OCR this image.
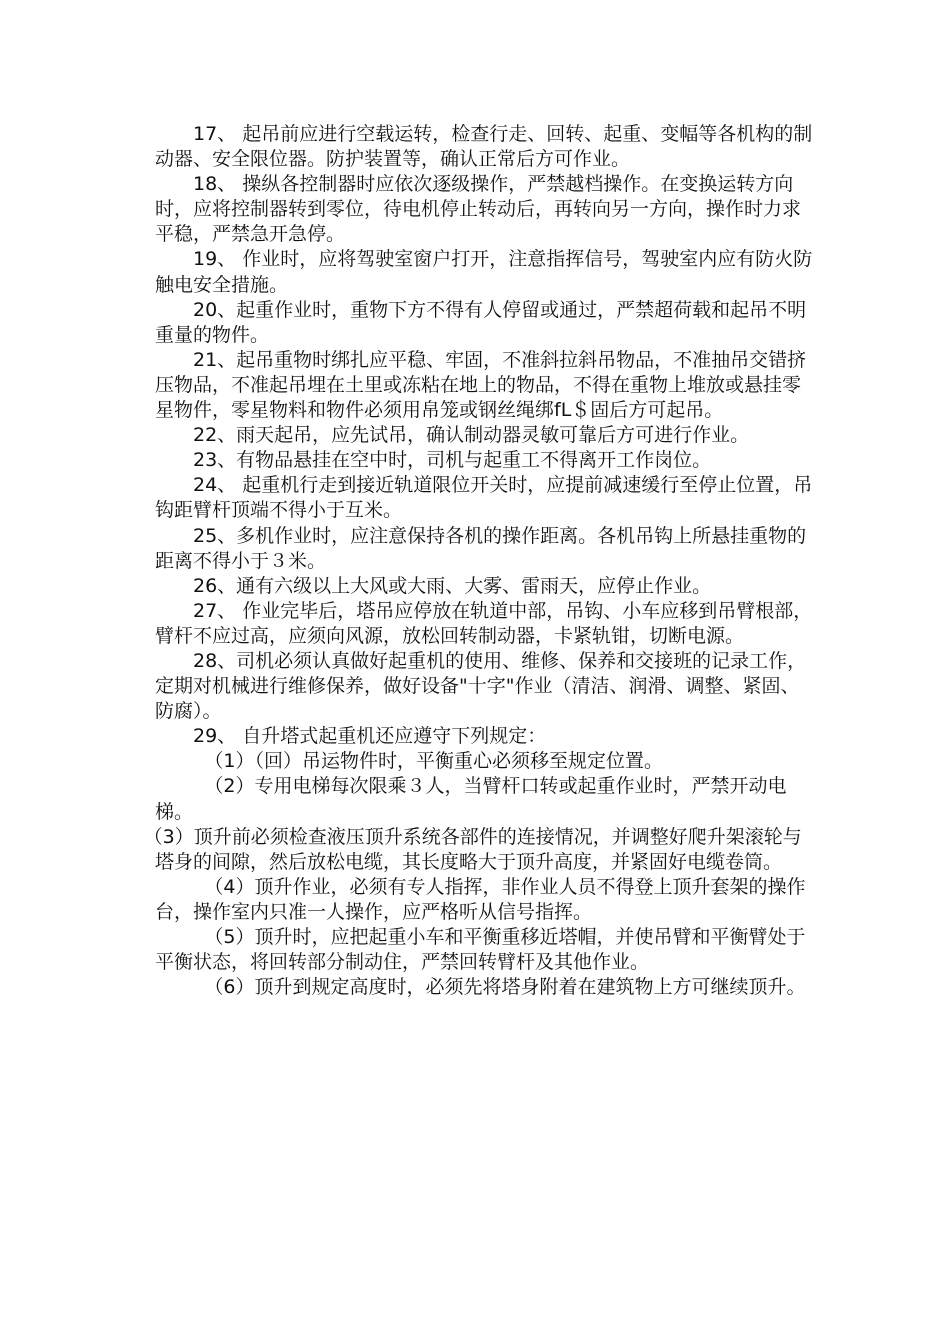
17、 起吊前应进行空载运转，检查行走、回转、起重、变幅等各机构的制动器、安全限位器。防护装置等，确认正常后方可作业。

18、 操纵各控制器时应依次逐级操作，严禁越档操作。在变换运转方向时，应将控制器转到零位，待电机停止转动后，再转向另一方向，操作时力求平稳，严禁急开急停。

19、 作业时，应将驾驶室窗户打开，注意指挥信号，驾驶室内应有防火防触电安全措施。

20、起重作业时，重物下方不得有人停留或通过，严禁超荷载和起吊不明重量的物件。

21、起吊重物时绑扎应平稳、牢固，不准斜拉斜吊物品，不准抽吊交错挤压物品，不准起吊埋在土里或冻粘在地上的物品，不得在重物上堆放或悬挂零星物件，零星物料和物件必须用帛笼或钢丝绳绑fL＄固后方可起吊。

22、雨天起吊，应先试吊，确认制动器灵敏可靠后方可进行作业。

23、有物品悬挂在空中时，司机与起重工不得离开工作岗位。

24、 起重机行走到接近轨道限位开关时，应提前减速缓行至停止位置，吊钩距臂杆顶端不得小于互米。

25、多机作业时，应注意保持各机的操作距离。各机吊钩上所悬挂重物的距离不得小于３米。

26、通有六级以上大风或大雨、大雾、雷雨天，应停止作业。

27、 作业完毕后，塔吊应停放在轨道中部，吊钩、小车应移到吊臂根部，臂杆不应过高，应须向风源，放松回转制动器，卡紧轨钳，切断电源。

28、司机必须认真做好起重机的使用、维修、保养和交接班的记录工作，定期对机械进行维修保养，做好设备"十字"作业（清洁、润滑、调整、紧固、防腐）。

29、 自升塔式起重机还应遵守下列规定：

（1）（回）吊运物件时，平衡重心必须移至规定位置。

（2）专用电梯每次限乘３人，当臂杆口转或起重作业时，严禁开动电梯。

（3）顶升前必须检查液压顶升系统各部件的连接情况，并调整好爬升架滚轮与塔身的间隙，然后放松电缆，其长度略大于顶升高度，并紧固好电缆卷筒。

（4）顶升作业，必须有专人指挥，非作业人员不得登上顶升套架的操作台，操作室内只准一人操作，应严格听从信号指挥。

（5）顶升时，应把起重小车和平衡重移近塔帽，并使吊臂和平衡臂处于平衡状态，将回转部分制动住，严禁回转臂杆及其他作业。

（6）顶升到规定高度时，必须先将塔身附着在建筑物上方可继续顶升。
